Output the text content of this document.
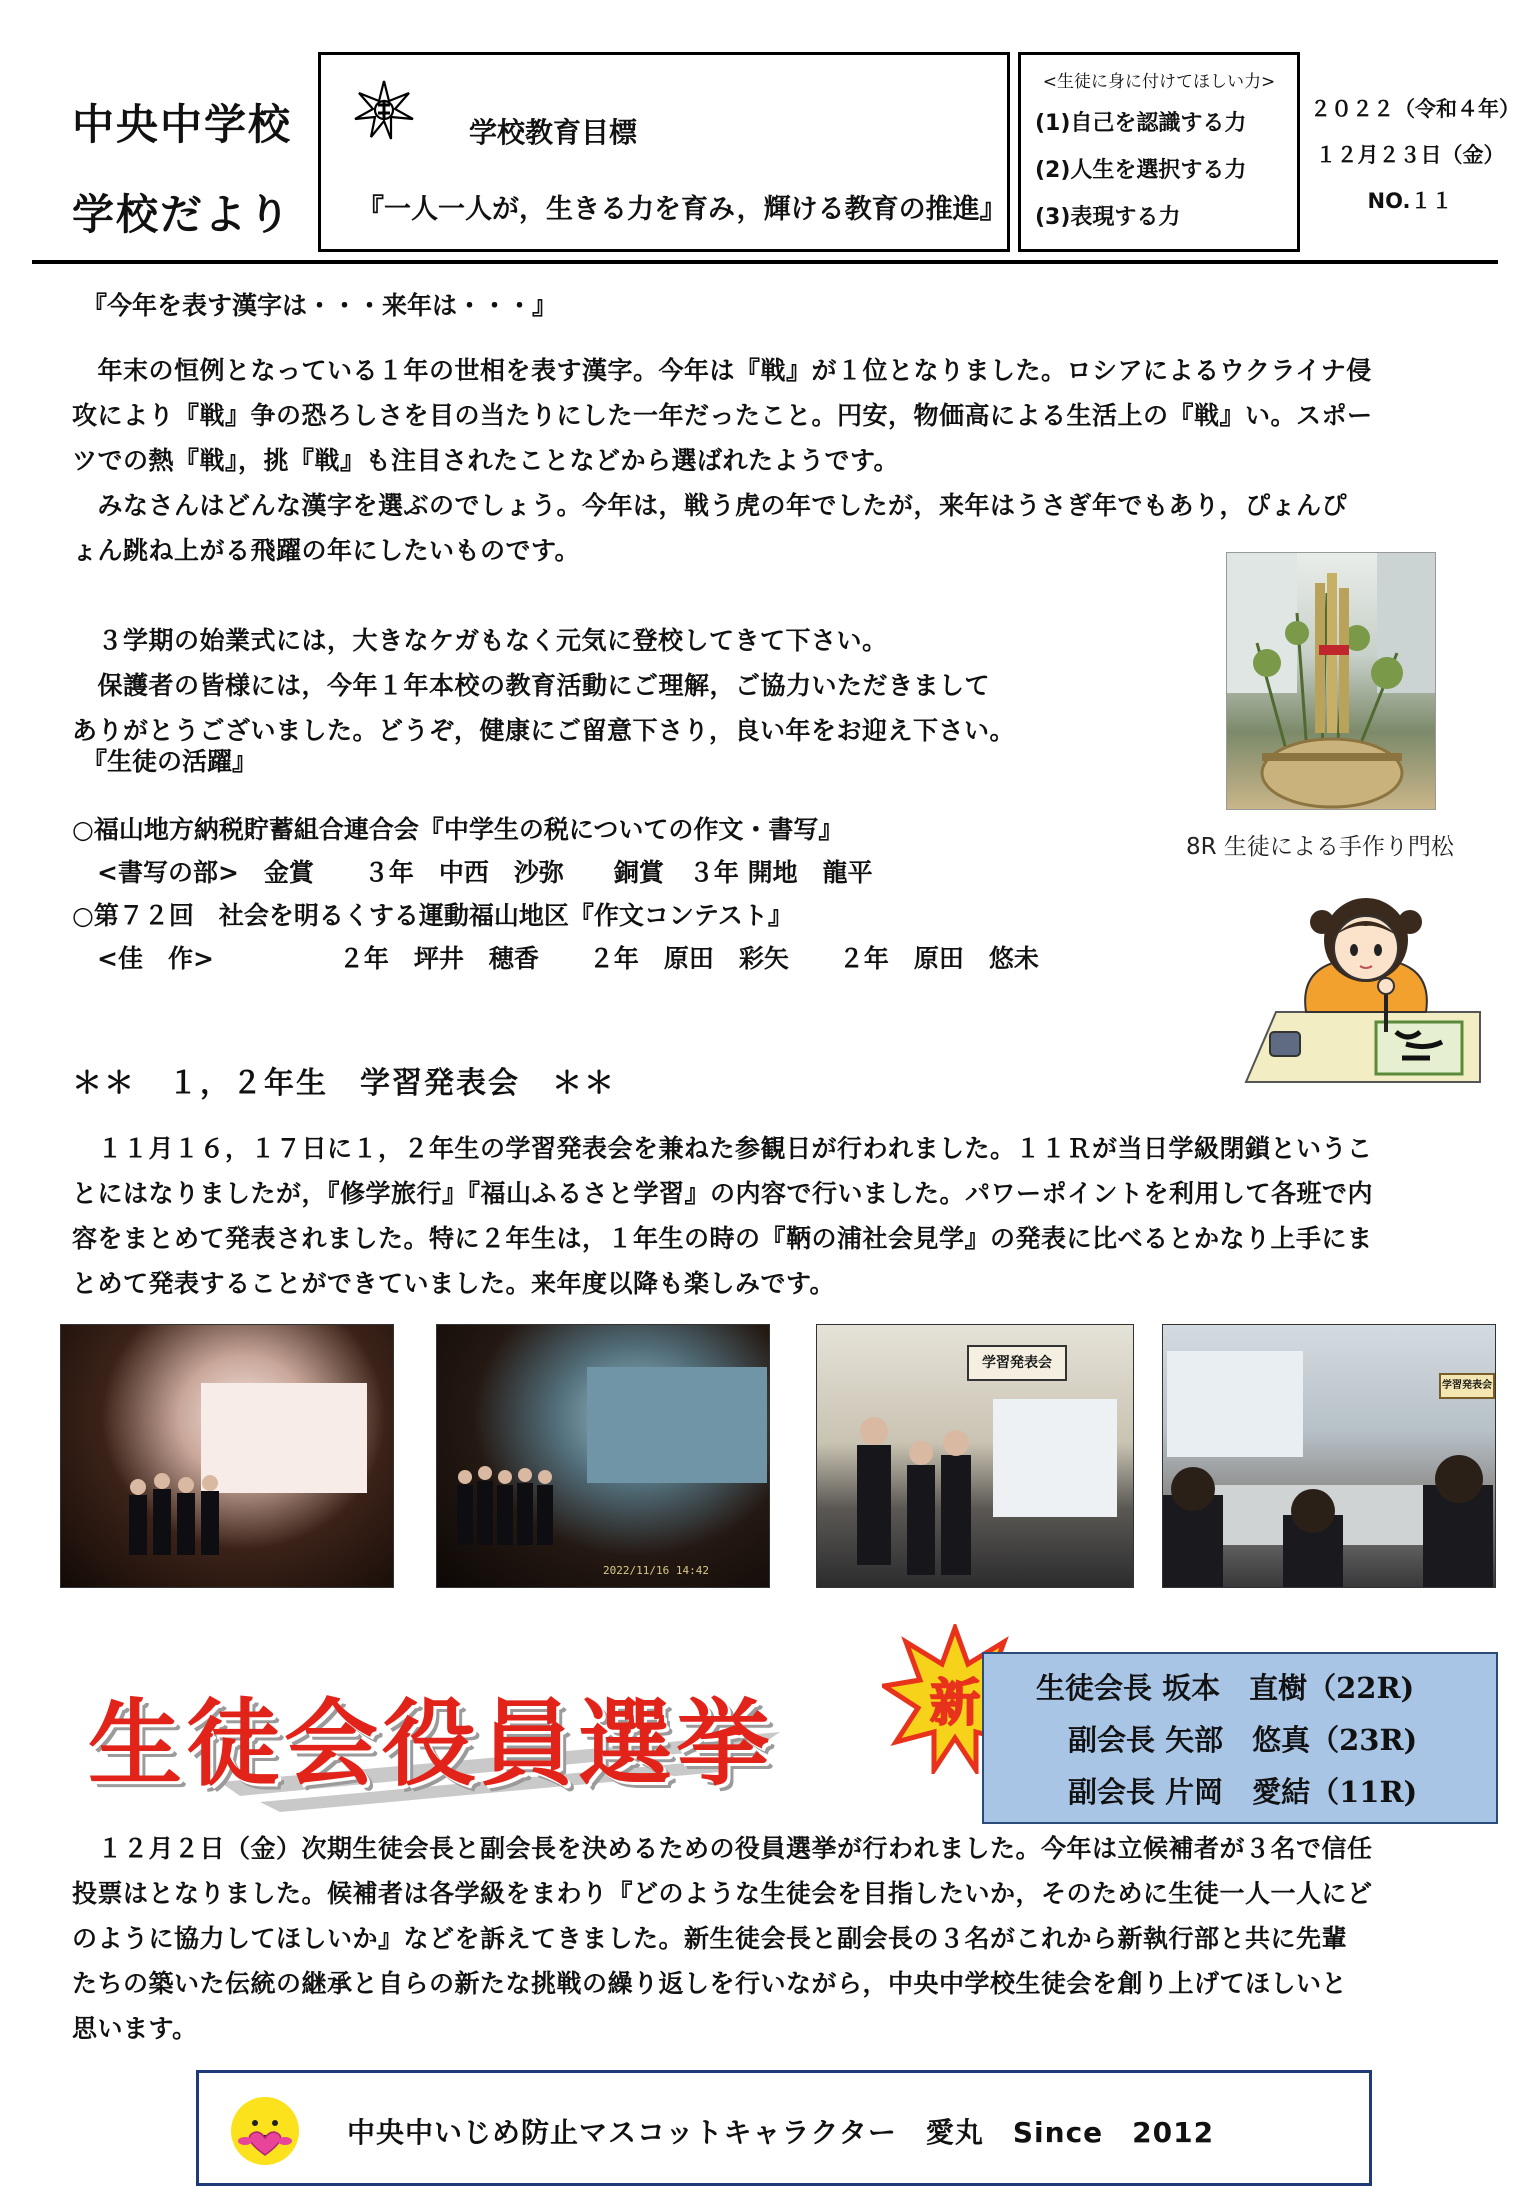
中央中学校
学校だより
学校教育目標
『一人一人が，生きる力を育み，輝ける教育の推進』
<生徒に身に付けてほしい力>
(1)自己を認識する力
(2)人生を選択する力
(3)表現する力
２０２２（令和４年）
１２月２３日（金）
NO.１１
『今年を表す漢字は・・・来年は・・・』
　年末の恒例となっている１年の世相を表す漢字。今年は『戦』が１位となりました。ロシアによるウクライナ侵
攻により『戦』争の恐ろしさを目の当たりにした一年だったこと。円安，物価高による生活上の『戦』い。スポー
ツでの熱『戦』，挑『戦』も注目されたことなどから選ばれたようです。
　みなさんはどんな漢字を選ぶのでしょう。今年は，戦う虎の年でしたが，来年はうさぎ年でもあり，ぴょんぴ
ょん跳ね上がる飛躍の年にしたいものです。
　３学期の始業式には，大きなケガもなく元気に登校してきて下さい。
　保護者の皆様には，今年１年本校の教育活動にご理解，ご協力いただきまして
ありがとうございました。どうぞ，健康にご留意下さり，良い年をお迎え下さい。
8R 生徒による手作り門松
『生徒の活躍』
○福山地方納税貯蓄組合連合会『中学生の税についての作文・書写』
　<書写の部>　金賞　　３年　中西　沙弥　　銅賞　３年 開地　龍平
○第７２回　社会を明るくする運動福山地区『作文コンテスト』
　<佳　作>　　　　　２年　坪井　穂香　　２年　原田　彩矢　　２年　原田　悠未
＊＊　１，２年生　学習発表会　＊＊
　１１月１６，１７日に１，２年生の学習発表会を兼ねた参観日が行われました。１１Ｒが当日学級閉鎖というこ
とにはなりましたが，『修学旅行』『福山ふるさと学習』の内容で行いました。パワーポイントを利用して各班で内
容をまとめて発表されました。特に２年生は，１年生の時の『鞆の浦社会見学』の発表に比べるとかなり上手にま
とめて発表することができていました。来年度以降も楽しみです。
2022/11/16 14:42
学習発表会
学習発表会
生徒会役員選挙	新 生徒会長 坂本　直樹（22R)
副会長 矢部　悠真（23R)
副会長 片岡　愛結（11R)
　１２月２日（金）次期生徒会長と副会長を決めるための役員選挙が行われました。今年は立候補者が３名で信任
投票はとなりました。候補者は各学級をまわり『どのような生徒会を目指したいか，そのために生徒一人一人にど
のように協力してほしいか』などを訴えてきました。新生徒会長と副会長の３名がこれから新執行部と共に先輩
たちの築いた伝統の継承と自らの新たな挑戦の繰り返しを行いながら，中央中学校生徒会を創り上げてほしいと
思います。
中央中いじめ防止マスコットキャラクター　愛丸　Since　2012
